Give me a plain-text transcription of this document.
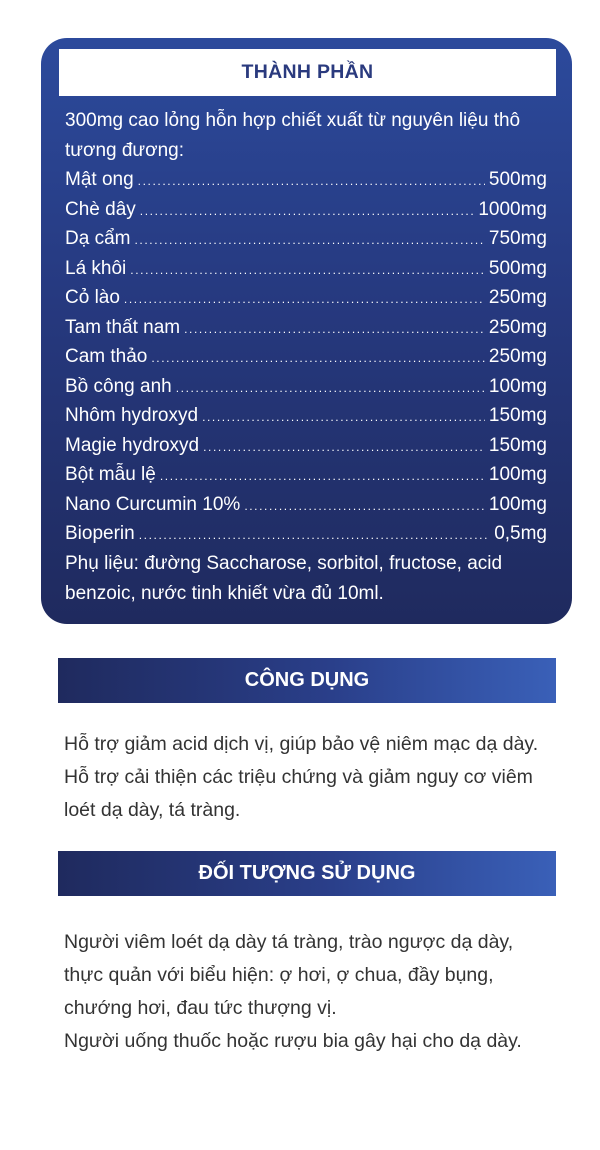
THÀNH PHẦN
300mg cao lỏng hỗn hợp chiết xuất từ nguyên liệu thô tương đương:
Mật ong .....	500mg
Chè dây .....	1000mg
Dạ cẩm .....	750mg
Lá khôi .....	500mg
Cỏ lào .....	250mg
Tam thất nam .....	250mg
Cam thảo .....	250mg
Bồ công anh .....	100mg
Nhôm hydroxyd .....	150mg
Magie hydroxyd .....	150mg
Bột mẫu lệ .....	100mg
Nano Curcumin 10% .....	100mg
Bioperin .....	0,5mg
Phụ liệu: đường Saccharose, sorbitol, fructose, acid benzoic, nước tinh khiết vừa đủ 10ml.
CÔNG DỤNG
Hỗ trợ giảm acid dịch vị, giúp bảo vệ niêm mạc dạ dày. Hỗ trợ cải thiện các triệu chứng và giảm nguy cơ viêm loét dạ dày, tá tràng.
ĐỐI TƯỢNG SỬ DỤNG
Người viêm loét dạ dày tá tràng, trào ngược dạ dày, thực quản với biểu hiện: ợ hơi, ợ chua, đầy bụng, chướng hơi, đau tức thượng vị.
Người uống thuốc hoặc rượu bia gây hại cho dạ dày.
